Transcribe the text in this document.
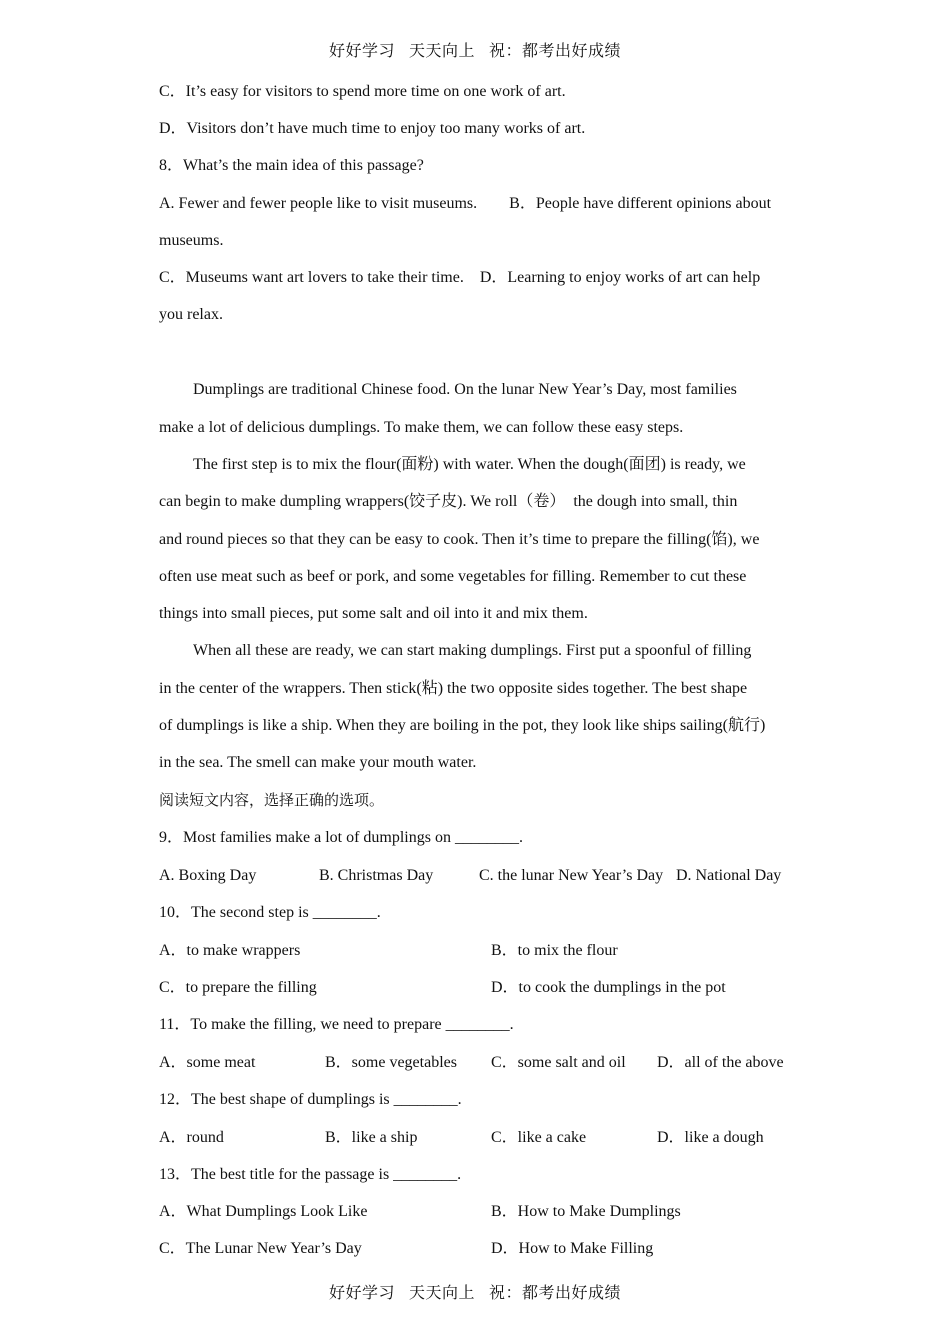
好好学习 天天向上 祝：都考出好成绩
C．It’s easy for visitors to spend more time on one work of art.
D．Visitors don’t have much time to enjoy too many works of art.
8．What’s the main idea of this passage?
A. Fewer and fewer people like to visit museums.        B．People have different opinions about
museums.
C．Museums want art lovers to take their time.    D．Learning to enjoy works of art can help
you relax.
Dumplings are traditional Chinese food. On the lunar New Year’s Day, most families
make a lot of delicious dumplings. To make them, we can follow these easy steps.
The first step is to mix the flour(面粉) with water. When the dough(面团) is ready, we
can begin to make dumpling wrappers(饺子皮). We roll（卷）  the dough into small, thin
and round pieces so that they can be easy to cook. Then it’s time to prepare the filling(馅), we
often use meat such as beef or pork, and some vegetables for filling. Remember to cut these
things into small pieces, put some salt and oil into it and mix them.
When all these are ready, we can start making dumplings. First put a spoonful of filling
in the center of the wrappers. Then stick(粘) the two opposite sides together. The best shape
of dumplings is like a ship. When they are boiling in the pot, they look like ships sailing(航行)
in the sea. The smell can make your mouth water.
阅读短文内容，选择正确的选项。
9．Most families make a lot of dumplings on ________.
A. Boxing Day	B. Christmas Day	C. the lunar New Year’s Day D. National Day
10．The second step is ________.
A．to make wrappers	B．to mix the flour
C．to prepare the filling	D．to cook the dumplings in the pot
11．To make the filling, we need to prepare ________.
A．some meat	B．some vegetables C．some salt and oil D．all of the above
12．The best shape of dumplings is ________.
A．round	B．like a ship	C．like a cake	D．like a dough
13．The best title for the passage is ________.
A．What Dumplings Look Like	B．How to Make Dumplings
C．The Lunar New Year’s Day	D．How to Make Filling
好好学习 天天向上 祝：都考出好成绩
